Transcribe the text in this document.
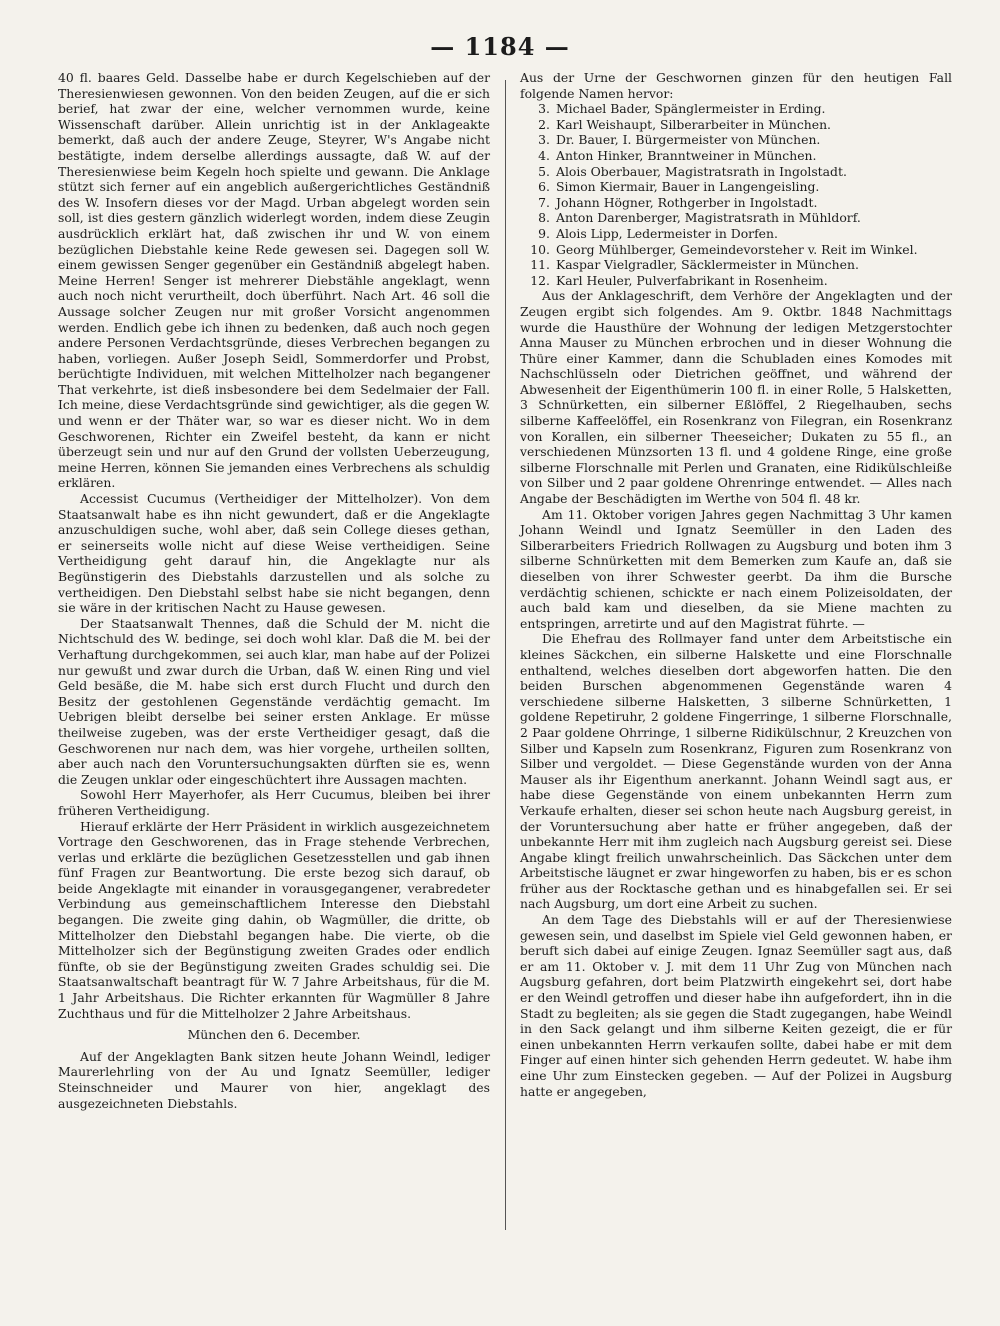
— 1184 —

40 fl. baares Geld. Dasselbe habe er durch Kegelschieben auf der Theresienwiesen gewonnen. Von den beiden Zeugen, auf die er sich berief, hat zwar der eine, welcher vernommen wurde, keine Wissenschaft darüber. Allein unrichtig ist in der Anklageakte bemerkt, daß auch der andere Zeuge, Steyrer, W's Angabe nicht bestätigte, indem derselbe allerdings aussagte, daß W. auf der Theresienwiese beim Kegeln hoch spielte und gewann. Die Anklage stützt sich ferner auf ein angeblich außergerichtliches Geständniß des W. Insofern dieses vor der Magd. Urban abgelegt worden sein soll, ist dies gestern gänzlich widerlegt worden, indem diese Zeugin ausdrücklich erklärt hat, daß zwischen ihr und W. von einem bezüglichen Diebstahle keine Rede gewesen sei. Dagegen soll W. einem gewissen Senger gegenüber ein Geständniß abgelegt haben. Meine Herren! Senger ist mehrerer Diebstähle angeklagt, wenn auch noch nicht verurtheilt, doch überführt. Nach Art. 46 soll die Aussage solcher Zeugen nur mit großer Vorsicht angenommen werden. Endlich gebe ich ihnen zu bedenken, daß auch noch gegen andere Personen Verdachtsgründe, dieses Verbrechen begangen zu haben, vorliegen. Außer Joseph Seidl, Sommerdorfer und Probst, berüchtigte Individuen, mit welchen Mittelholzer nach begangener That verkehrte, ist dieß insbesondere bei dem Sedelmaier der Fall. Ich meine, diese Verdachtsgründe sind gewichtiger, als die gegen W. und wenn er der Thäter war, so war es dieser nicht. Wo in dem Geschworenen, Richter ein Zweifel besteht, da kann er nicht überzeugt sein und nur auf den Grund der vollsten Ueberzeugung, meine Herren, können Sie jemanden eines Verbrechens als schuldig erklären.

Accessist Cucumus (Vertheidiger der Mittelholzer). Von dem Staatsanwalt habe es ihn nicht gewundert, daß er die Angeklagte anzuschuldigen suche, wohl aber, daß sein College dieses gethan, er seinerseits wolle nicht auf diese Weise vertheidigen. Seine Vertheidigung geht darauf hin, die Angeklagte nur als Begünstigerin des Diebstahls darzustellen und als solche zu vertheidigen. Den Diebstahl selbst habe sie nicht begangen, denn sie wäre in der kritischen Nacht zu Hause gewesen.

Der Staatsanwalt Thennes, daß die Schuld der M. nicht die Nichtschuld des W. bedinge, sei doch wohl klar. Daß die M. bei der Verhaftung durchgekommen, sei auch klar, man habe auf der Polizei nur gewußt und zwar durch die Urban, daß W. einen Ring und viel Geld besäße, die M. habe sich erst durch Flucht und durch den Besitz der gestohlenen Gegenstände verdächtig gemacht. Im Uebrigen bleibt derselbe bei seiner ersten Anklage. Er müsse theilweise zugeben, was der erste Vertheidiger gesagt, daß die Geschworenen nur nach dem, was hier vorgehe, urtheilen sollten, aber auch nach den Voruntersuchungsakten dürften sie es, wenn die Zeugen unklar oder eingeschüchtert ihre Aussagen machten.

Sowohl Herr Mayerhofer, als Herr Cucumus, bleiben bei ihrer früheren Vertheidigung.

Hierauf erklärte der Herr Präsident in wirklich ausgezeichnetem Vortrage den Geschworenen, das in Frage stehende Verbrechen, verlas und erklärte die bezüglichen Gesetzesstellen und gab ihnen fünf Fragen zur Beantwortung. Die erste bezog sich darauf, ob beide Angeklagte mit einander in vorausgegangener, verabredeter Verbindung aus gemeinschaftlichem Interesse den Diebstahl begangen. Die zweite ging dahin, ob Wagmüller, die dritte, ob Mittelholzer den Diebstahl begangen habe. Die vierte, ob die Mittelholzer sich der Begünstigung zweiten Grades oder endlich fünfte, ob sie der Begünstigung zweiten Grades schuldig sei. Die Staatsanwaltschaft beantragt für W. 7 Jahre Arbeitshaus, für die M. 1 Jahr Arbeitshaus. Die Richter erkannten für Wagmüller 8 Jahre Zuchthaus und für die Mittelholzer 2 Jahre Arbeitshaus.

München den 6. December.

Auf der Angeklagten Bank sitzen heute Johann Weindl, lediger Maurerlehrling von der Au und Ignatz Seemüller, lediger Steinschneider und Maurer von hier, angeklagt des ausgezeichneten Diebstahls.

Aus der Urne der Geschwornen ginzen für den heutigen Fall folgende Namen hervor:

3. Michael Bader, Spänglermeister in Erding.
2. Karl Weishaupt, Silberarbeiter in München.
3. Dr. Bauer, I. Bürgermeister von München.
4. Anton Hinker, Branntweiner in München.
5. Alois Oberbauer, Magistratsrath in Ingolstadt.
6. Simon Kiermair, Bauer in Langengeisling.
7. Johann Högner, Rothgerber in Ingolstadt.
8. Anton Darenberger, Magistratsrath in Mühldorf.
9. Alois Lipp, Ledermeister in Dorfen.
10. Georg Mühlberger, Gemeindevorsteher v. Reit im Winkel.
11. Kaspar Vielgradler, Säcklermeister in München.
12. Karl Heuler, Pulverfabrikant in Rosenheim.

Aus der Anklageschrift, dem Verhöre der Angeklagten und der Zeugen ergibt sich folgendes. Am 9. Oktbr. 1848 Nachmittags wurde die Hausthüre der Wohnung der ledigen Metzgerstochter Anna Mauser zu München erbrochen und in dieser Wohnung die Thüre einer Kammer, dann die Schubladen eines Komodes mit Nachschlüsseln oder Dietrichen geöffnet, und während der Abwesenheit der Eigenthümerin 100 fl. in einer Rolle, 5 Halsketten, 3 Schnürketten, ein silberner Eßlöffel, 2 Riegelhauben, sechs silberne Kaffeelöffel, ein Rosenkranz von Filegran, ein Rosenkranz von Korallen, ein silberner Theeseicher; Dukaten zu 55 fl., an verschiedenen Münzsorten 13 fl. und 4 goldene Ringe, eine große silberne Florschnalle mit Perlen und Granaten, eine Ridikülschleiße von Silber und 2 paar goldene Ohrenringe entwendet. — Alles nach Angabe der Beschädigten im Werthe von 504 fl. 48 kr.

Am 11. Oktober vorigen Jahres gegen Nachmittag 3 Uhr kamen Johann Weindl und Ignatz Seemüller in den Laden des Silberarbeiters Friedrich Rollwagen zu Augsburg und boten ihm 3 silberne Schnürketten mit dem Bemerken zum Kaufe an, daß sie dieselben von ihrer Schwester geerbt. Da ihm die Bursche verdächtig schienen, schickte er nach einem Polizeisoldaten, der auch bald kam und dieselben, da sie Miene machten zu entspringen, arretirte und auf den Magistrat führte. —

Die Ehefrau des Rollmayer fand unter dem Arbeitstische ein kleines Säckchen, ein silberne Halskette und eine Florschnalle enthaltend, welches dieselben dort abgeworfen hatten. Die den beiden Burschen abgenommenen Gegenstände waren 4 verschiedene silberne Halsketten, 3 silberne Schnürketten, 1 goldene Repetiruhr, 2 goldene Fingerringe, 1 silberne Florschnalle, 2 Paar goldene Ohrringe, 1 silberne Ridikülschnur, 2 Kreuzchen von Silber und Kapseln zum Rosenkranz, Figuren zum Rosenkranz von Silber und vergoldet. — Diese Gegenstände wurden von der Anna Mauser als ihr Eigenthum anerkannt. Johann Weindl sagt aus, er habe diese Gegenstände von einem unbekannten Herrn zum Verkaufe erhalten, dieser sei schon heute nach Augsburg gereist, in der Voruntersuchung aber hatte er früher angegeben, daß der unbekannte Herr mit ihm zugleich nach Augsburg gereist sei. Diese Angabe klingt freilich unwahrscheinlich. Das Säckchen unter dem Arbeitstische läugnet er zwar hingeworfen zu haben, bis er es schon früher aus der Rocktasche gethan und es hinabgefallen sei. Er sei nach Augsburg, um dort eine Arbeit zu suchen.

An dem Tage des Diebstahls will er auf der Theresienwiese gewesen sein, und daselbst im Spiele viel Geld gewonnen haben, er beruft sich dabei auf einige Zeugen. Ignaz Seemüller sagt aus, daß er am 11. Oktober v. J. mit dem 11 Uhr Zug von München nach Augsburg gefahren, dort beim Platzwirth eingekehrt sei, dort habe er den Weindl getroffen und dieser habe ihn aufgefordert, ihn in die Stadt zu begleiten; als sie gegen die Stadt zugegangen, habe Weindl in den Sack gelangt und ihm silberne Keiten gezeigt, die er für einen unbekannten Herrn verkaufen sollte, dabei habe er mit dem Finger auf einen hinter sich gehenden Herrn gedeutet. W. habe ihm eine Uhr zum Einstecken gegeben. — Auf der Polizei in Augsburg hatte er angegeben,
